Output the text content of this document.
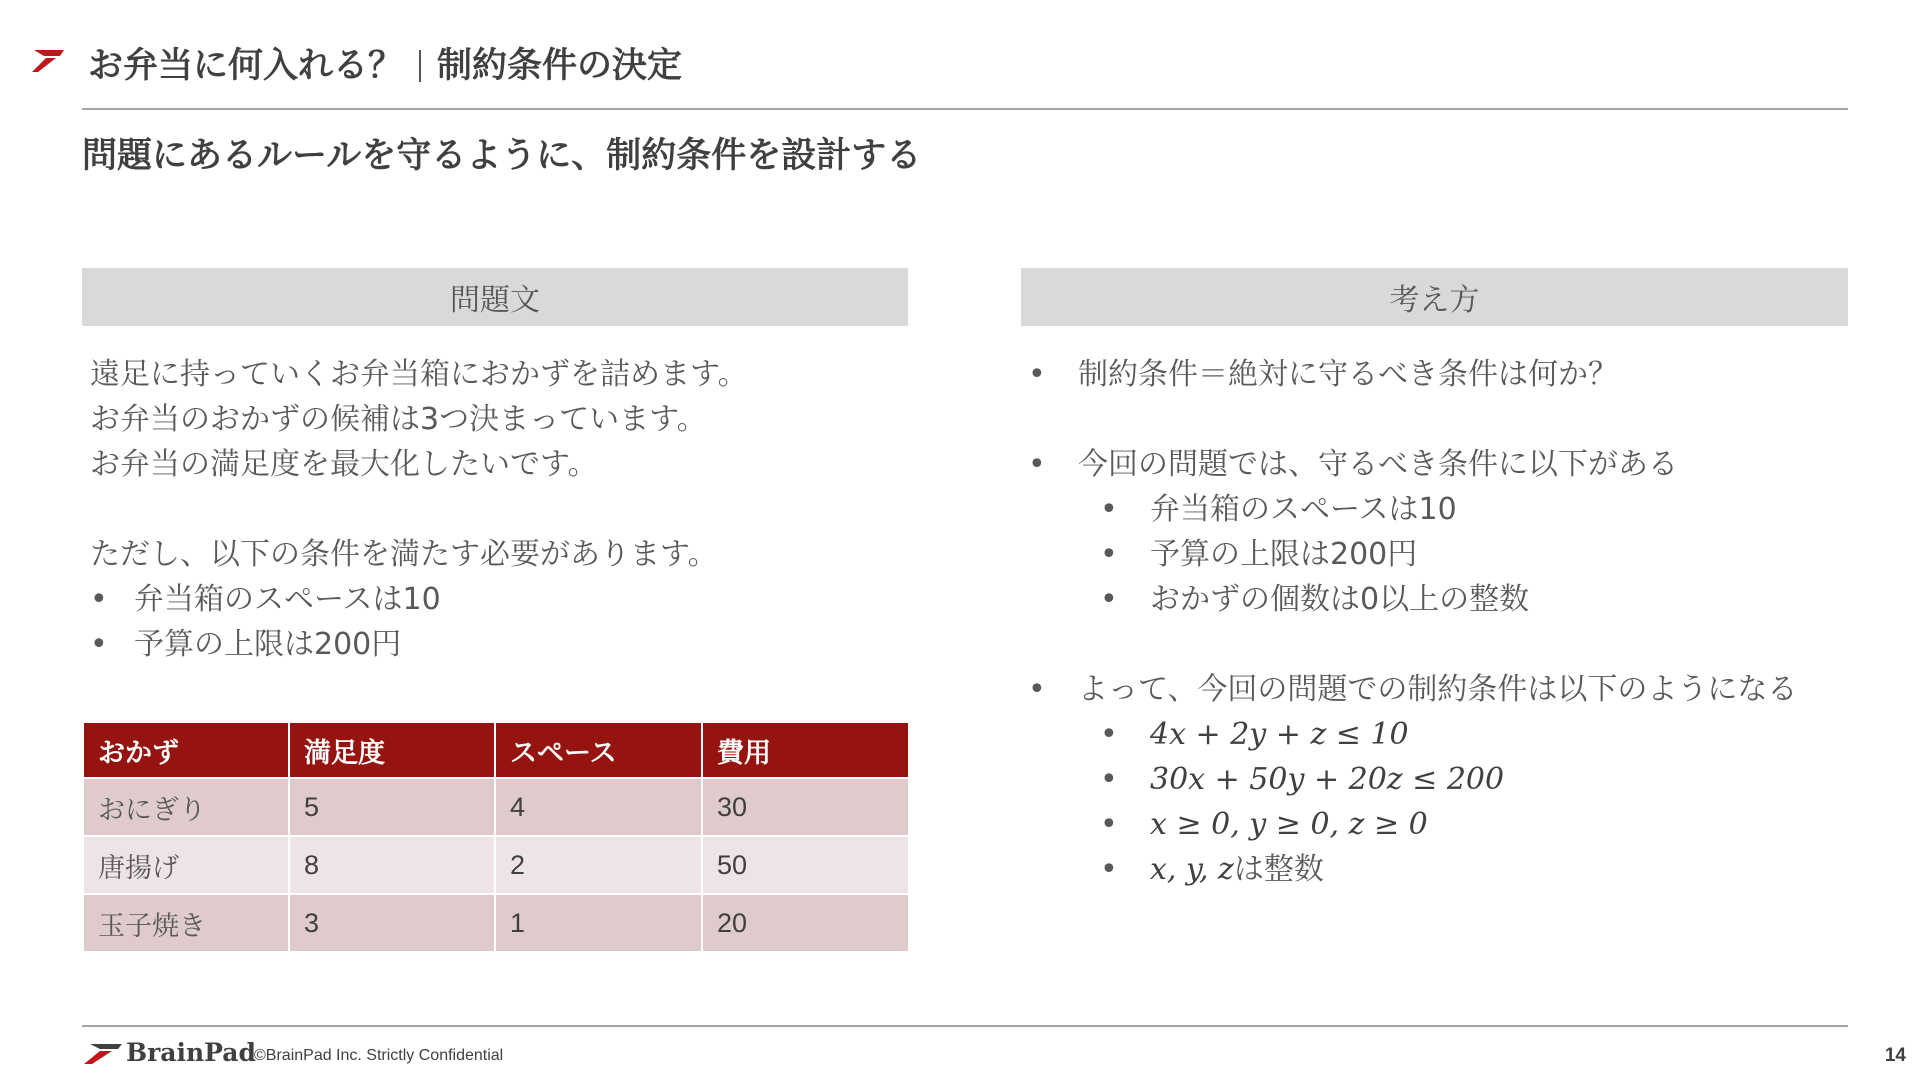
お弁当に何入れる？ 制約条件の決定
問題にあるルールを守るように、制約条件を設計する
問題文	考え方

遠足に持っていくお弁当箱におかずを詰めます。

お弁当のおかずの候補は3つ決まっています。

お弁当の満足度を最大化したいです。

ただし、以下の条件を満たす必要があります。

• 弁当箱のスペースは10
• 予算の上限は200円
おかず	満足度	スペース	費用
おにぎり	5	4	30
唐揚げ	8	2	50
玉子焼き	3	1	20
•	制約条件＝絶対に守るべき条件は何か？
•	今回の問題では、守るべき条件に以下がある
•	弁当箱のスペースは10
•	予算の上限は200円
•	おかずの個数は0以上の整数
•	よって、今回の問題での制約条件は以下のようになる
•	4x + 2y + z ≤ 10
•	30x + 50y + 20z ≤ 200
•	x ≥ 0, y ≥ 0, z ≥ 0
•	x, y, z は整数
BrainPad
©BrainPad Inc. Strictly Confidential	14
